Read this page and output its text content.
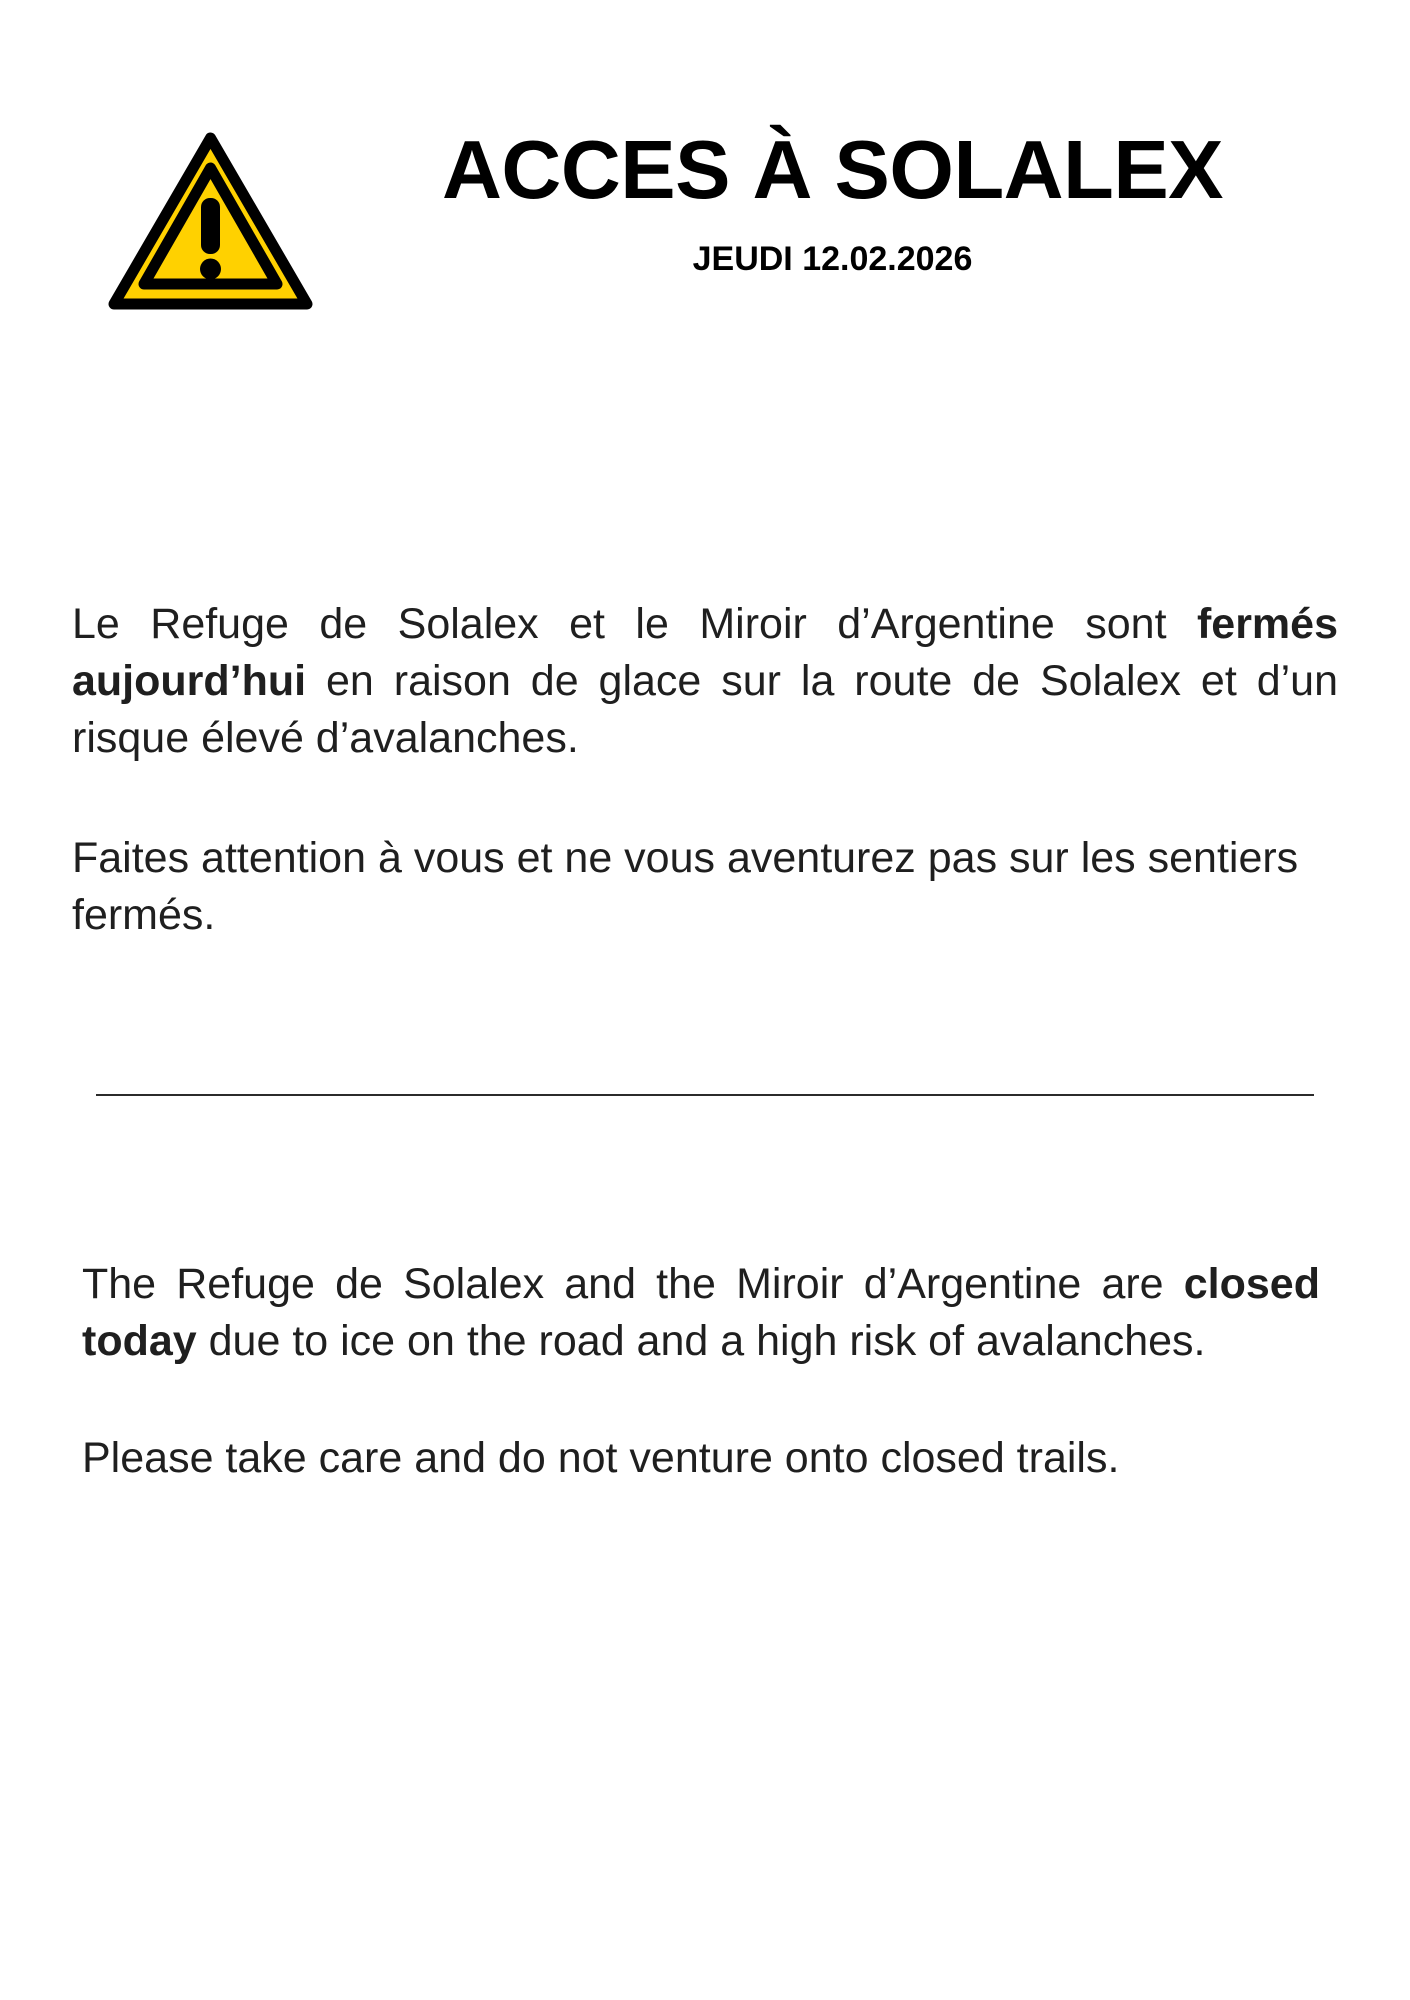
ACCES À SOLALEX
JEUDI 12.02.2026

Le Refuge de Solalex et le Miroir d’Argentine sont fermés aujourd’hui en raison de glace sur la route de Solalex et d’un risque élevé d’avalanches.

Faites attention à vous et ne vous aventurez pas sur les sentiers fermés.

The Refuge de Solalex and the Miroir d’Argentine are closed today due to ice on the road and a high risk of avalanches.

Please take care and do not venture onto closed trails.
